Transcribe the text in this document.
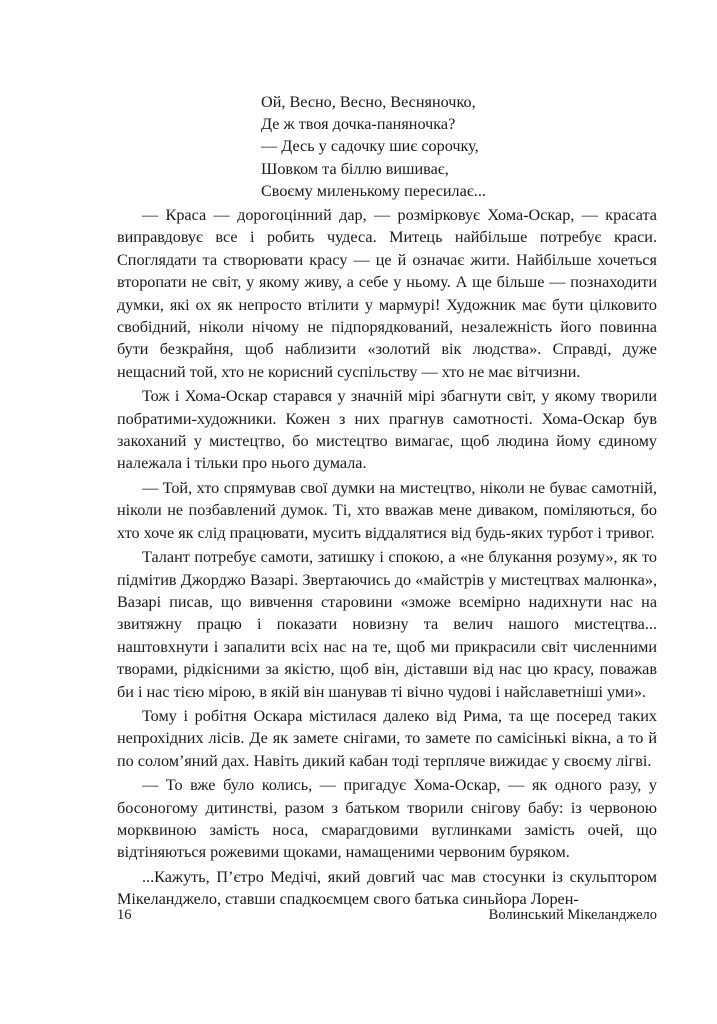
Ой, Весно, Весно, Весняночко,
Де ж твоя дочка-паняночка?
— Десь у садочку шиє сорочку,
Шовком та біллю вишиває,
Своєму миленькому пересилає...

— Краса — дорогоцінний дар, — розмірковує Хома-Оскар, — красата виправдовує все і робить чудеса. Митець найбільше потребує краси. Споглядати та створювати красу — це й означає жити. Найбільше хочеться второпати не світ, у якому живу, а себе у ньому. А ще більше — познаходити думки, які ох як непросто втілити у мармурі! Художник має бути цілковито свобідний, ніколи нічому не підпорядкований, незалежність його повинна бути безкрайня, щоб наблизити «золотий вік людства». Справді, дуже нещасний той, хто не корисний суспільству — хто не має вітчизни.

Тож і Хома-Оскар старався у значній мірі збагнути світ, у якому творили побратими-художники. Кожен з них прагнув самотності. Хома-Оскар був закоханий у мистецтво, бо мистецтво вимагає, щоб людина йому єдиному належала і тільки про нього думала.

— Той, хто спрямував свої думки на мистецтво, ніколи не буває самотній, ніколи не позбавлений думок. Ті, хто вважав мене диваком, поміляються, бо хто хоче як слід працювати, мусить віддалятися від будь-яких турбот і тривог.

Талант потребує самоти, затишку і спокою, а «не блукання розуму», як то підмітив Джорджо Вазарі. Звертаючись до «майстрів у мистецтвах малюнка», Вазарі писав, що вивчення старовини «зможе всемірно надихнути нас на звитяжну працю і показати новизну та велич нашого мистецтва... наштовхнути і запалити всіх нас на те, щоб ми прикрасили світ численними творами, рідкісними за якістю, щоб він, діставши від нас цю красу, поважав би і нас тією мірою, в якій він шанував ті вічно чудові і найславетніші уми».

Тому і робітня Оскара містилася далеко від Рима, та ще посеред таких непрохідних лісів. Де як замете снігами, то замете по самісінькі вікна, а то й по солом’яний дах. Навіть дикий кабан тоді терпляче вижидає у своєму лігві.

— То вже було колись, — пригадує Хома-Оскар, — як одного разу, у босоногому дитинстві, разом з батьком творили снігову бабу: із червоною морквиною замість носа, смарагдовими вуглинками замість очей, що відтіняються рожевими щоками, намащеними червоним буряком.

...Кажуть, П’єтро Медічі, який довгий час мав стосунки із скульптором Мікеланджело, ставши спадкоємцем свого батька синьйора Лорен-

16	Волинський Мікеланджело
